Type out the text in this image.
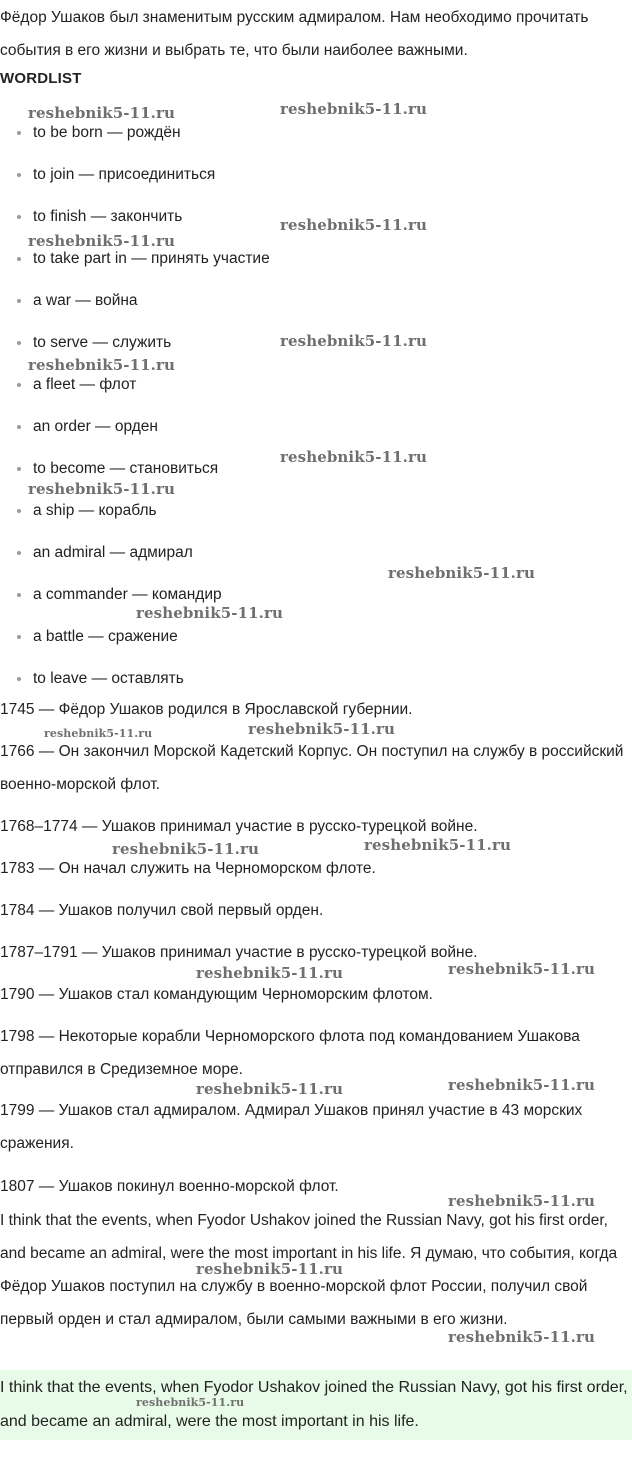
Фёдор Ушаков был знаменитым русским адмиралом. Нам необходимо прочитать события в его жизни и выбрать те, что были наиболее важными.

WORDLIST

to be born — рождён
to join — присоединиться
to finish — закончить
to take part in — принять участие
a war — война
to serve — служить
a fleet — флот
an order — орден
to become — становиться
a ship — корабль
an admiral — адмирал
a commander — командир
a battle — сражение
to leave — оставлять

1745 — Фёдор Ушаков родился в Ярославской губернии.

1766 — Он закончил Морской Кадетский Корпус. Он поступил на службу в российский военно-морской флот.

1768–1774 — Ушаков принимал участие в русско-турецкой войне.

1783 — Он начал служить на Черноморском флоте.

1784 — Ушаков получил свой первый орден.

1787–1791 — Ушаков принимал участие в русско-турецкой войне.

1790 — Ушаков стал командующим Черноморским флотом.

1798 — Некоторые корабли Черноморского флота под командованием Ушакова отправился в Средиземное море.

1799 — Ушаков стал адмиралом. Адмирал Ушаков принял участие в 43 морских сражения.

1807 — Ушаков покинул военно-морской флот.

I think that the events, when Fyodor Ushakov joined the Russian Navy, got his first order, and became an admiral, were the most important in his life. Я думаю, что события, когда Фёдор Ушаков поступил на службу в военно-морской флот России, получил свой первый орден и стал адмиралом, были самыми важными в его жизни.

I think that the events, when Fyodor Ushakov joined the Russian Navy, got his first order, and became an admiral, were the most important in his life.
reshebnik5-11.ru	reshebnik5-11.ru
reshebnik5-11.ru
reshebnik5-11.ru
reshebnik5-11.ru
reshebnik5-11.ru
reshebnik5-11.ru
reshebnik5-11.ru
reshebnik5-11.ru
reshebnik5-11.ru
reshebnik5-11.ru	reshebnik5-11.ru
reshebnik5-11.ru	reshebnik5-11.ru
reshebnik5-11.ru	reshebnik5-11.ru
reshebnik5-11.ru	reshebnik5-11.ru
reshebnik5-11.ru
reshebnik5-11.ru
reshebnik5-11.ru
reshebnik5-11.ru
